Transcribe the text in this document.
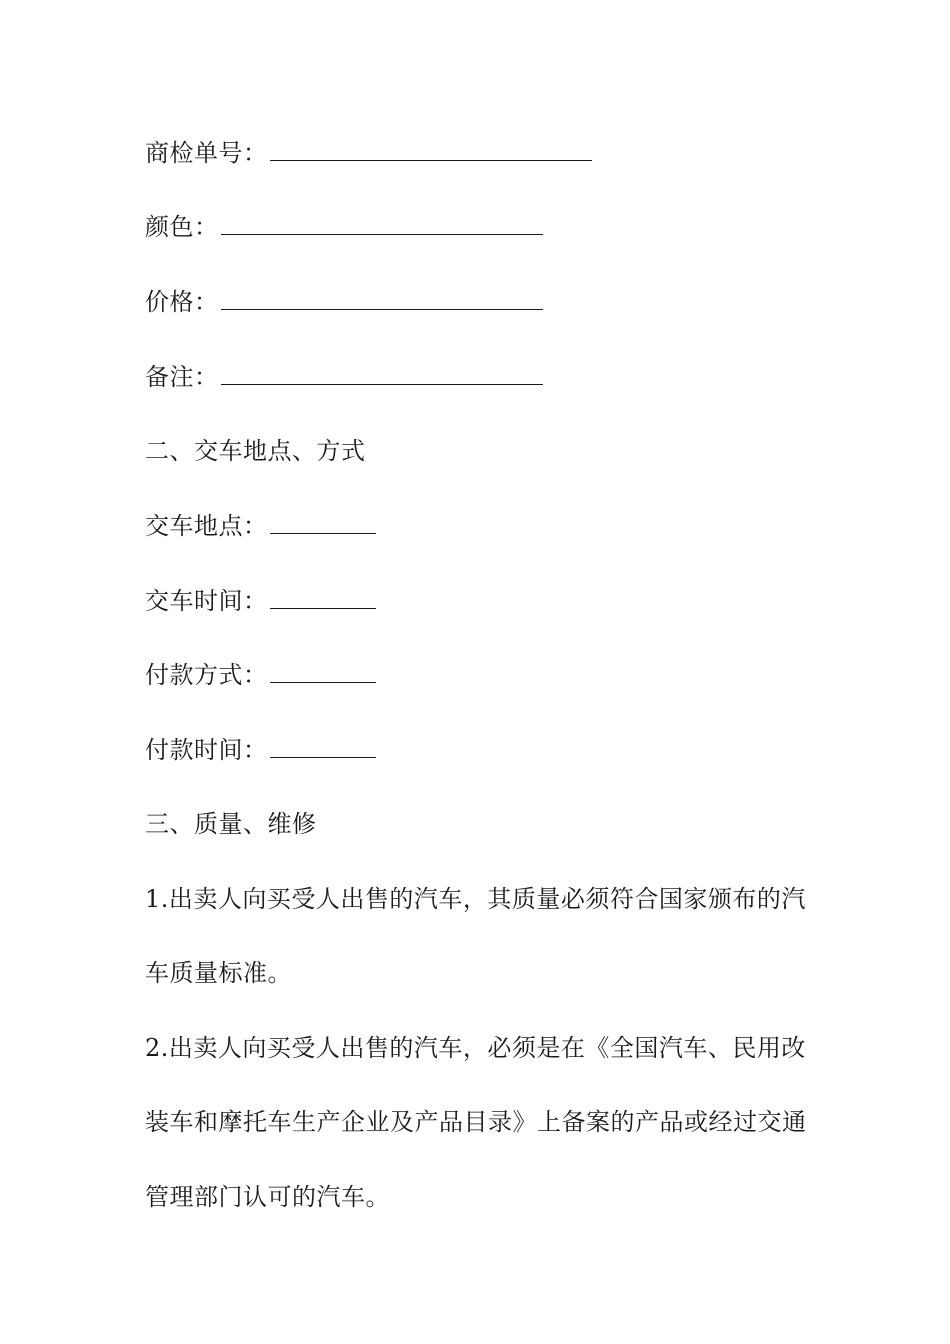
商检单号：
颜色：
价格：
备注：
二、交车地点、方式
交车地点：
交车时间：
付款方式：
付款时间：
三、质量、维修
1.出卖人向买受人出售的汽车，其质量必须符合国家颁布的汽
车质量标准。
2.出卖人向买受人出售的汽车，必须是在《全国汽车、民用改
装车和摩托车生产企业及产品目录》上备案的产品或经过交通
管理部门认可的汽车。
